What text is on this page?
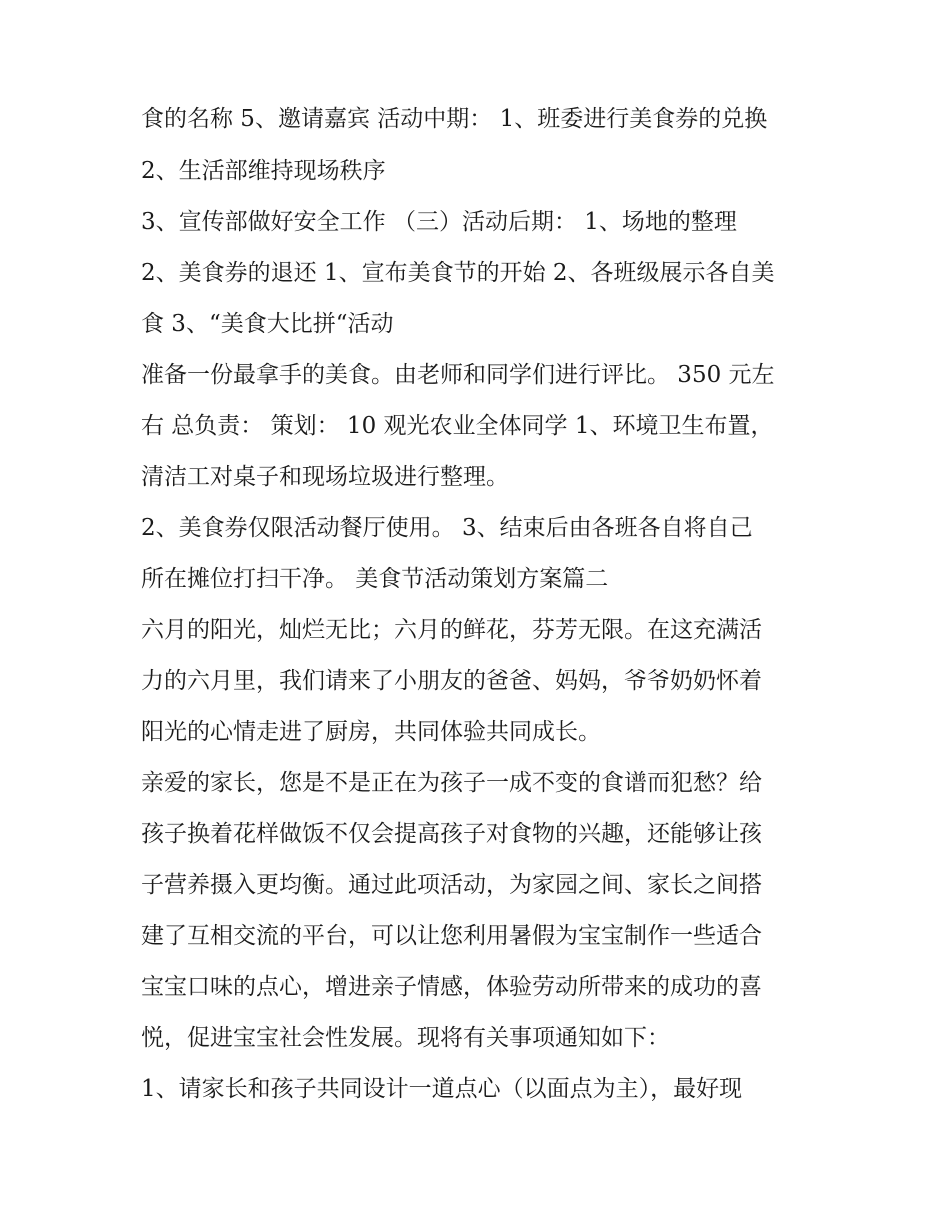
食的名称 5、邀请嘉宾 活动中期： 1、班委进行美食券的兑换
2、生活部维持现场秩序
3、宣传部做好安全工作 （三）活动后期： 1、场地的整理
2、美食券的退还 1、宣布美食节的开始 2、各班级展示各自美
食 3、“美食大比拼“活动
准备一份最拿手的美食。由老师和同学们进行评比。 350 元左
右 总负责： 策划： 10 观光农业全体同学 1、环境卫生布置，
清洁工对桌子和现场垃圾进行整理。
2、美食券仅限活动餐厅使用。 3、结束后由各班各自将自己
所在摊位打扫干净。 美食节活动策划方案篇二
六月的阳光，灿烂无比；六月的鲜花，芬芳无限。在这充满活
力的六月里，我们请来了小朋友的爸爸、妈妈，爷爷奶奶怀着
阳光的心情走进了厨房，共同体验共同成长。
亲爱的家长，您是不是正在为孩子一成不变的食谱而犯愁？给
孩子换着花样做饭不仅会提高孩子对食物的兴趣，还能够让孩
子营养摄入更均衡。通过此项活动，为家园之间、家长之间搭
建了互相交流的平台，可以让您利用暑假为宝宝制作一些适合
宝宝口味的点心，增进亲子情感，体验劳动所带来的成功的喜
悦，促进宝宝社会性发展。现将有关事项通知如下：
1、请家长和孩子共同设计一道点心（以面点为主），最好现
